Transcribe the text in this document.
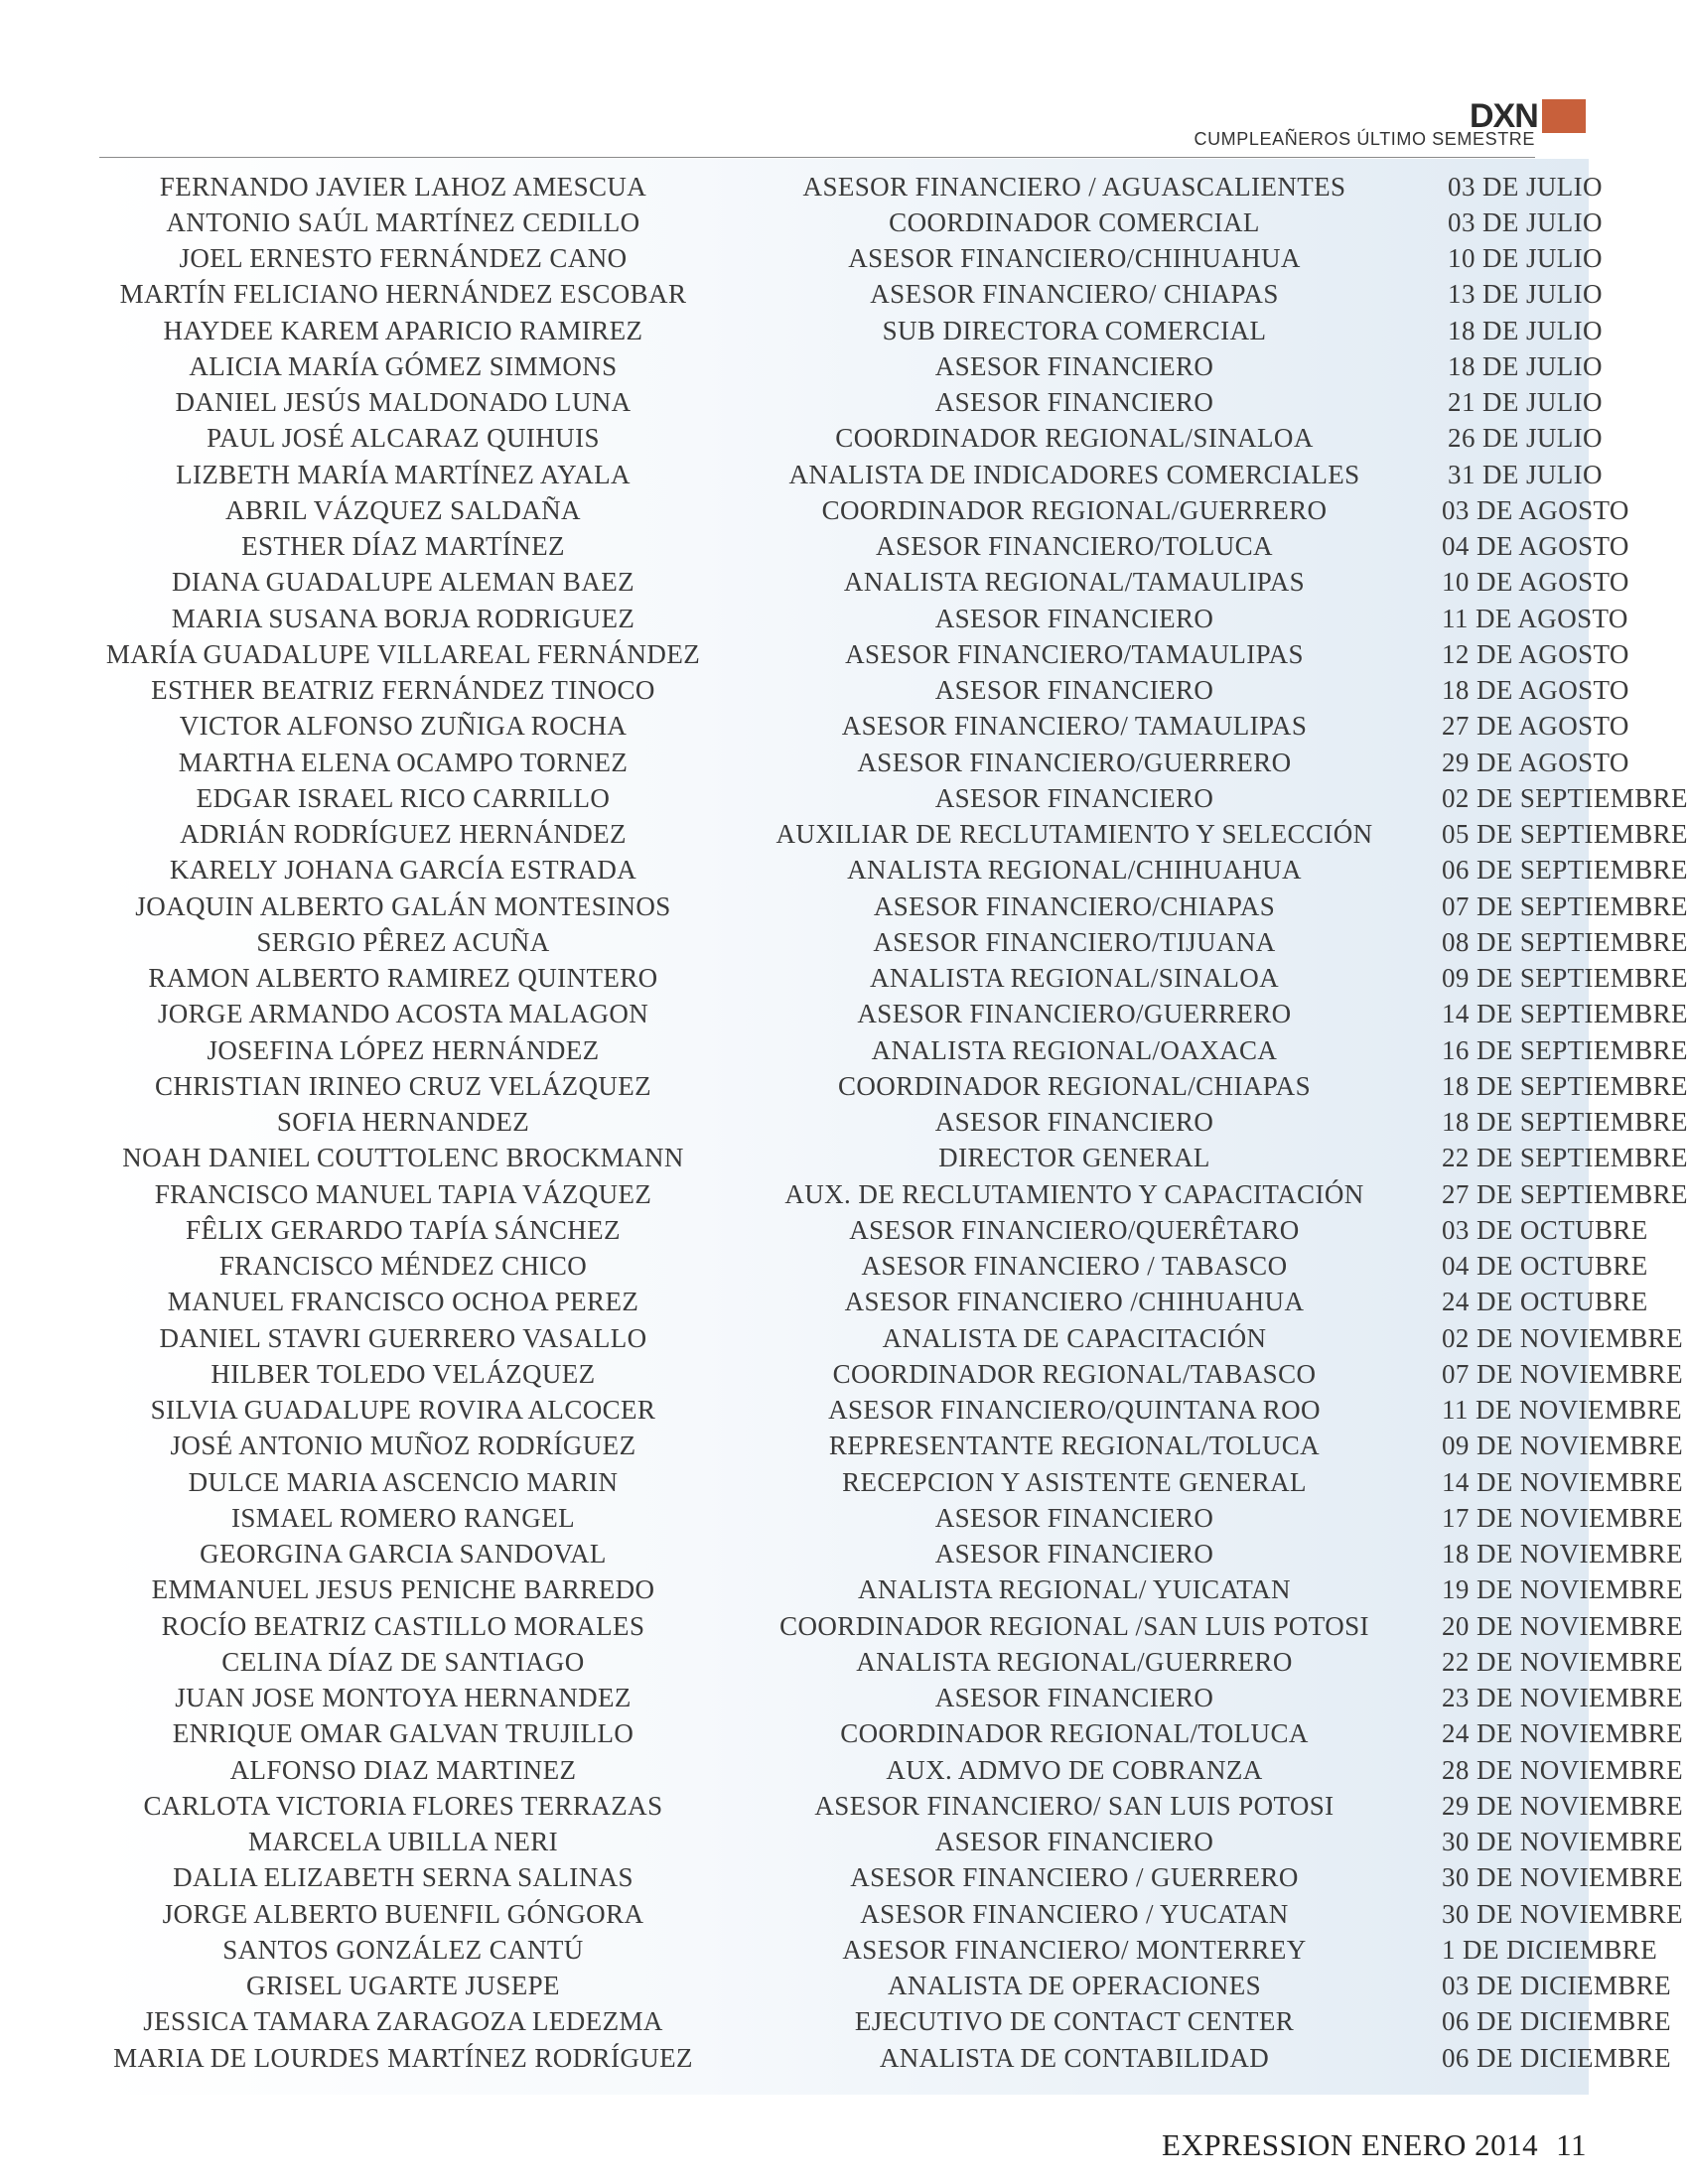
DXN
CUMPLEAÑEROS ÚLTIMO SEMESTRE
FERNANDO JAVIER LAHOZ AMESCUA	ASESOR FINANCIERO / AGUASCALIENTES	03 DE JULIO
ANTONIO SAÚL MARTÍNEZ CEDILLO	COORDINADOR COMERCIAL	03 DE JULIO
JOEL ERNESTO FERNÁNDEZ CANO	ASESOR FINANCIERO/CHIHUAHUA	10 DE JULIO
MARTÍN FELICIANO HERNÁNDEZ ESCOBAR	ASESOR FINANCIERO/ CHIAPAS	13 DE JULIO
HAYDEE KAREM APARICIO RAMIREZ	SUB DIRECTORA COMERCIAL	18 DE JULIO
ALICIA MARÍA GÓMEZ SIMMONS	ASESOR FINANCIERO	18 DE JULIO
DANIEL JESÚS MALDONADO LUNA	ASESOR FINANCIERO	21 DE JULIO
PAUL JOSÉ ALCARAZ QUIHUIS	COORDINADOR REGIONAL/SINALOA	26 DE JULIO
LIZBETH MARÍA MARTÍNEZ AYALA	ANALISTA DE INDICADORES COMERCIALES	31 DE JULIO
ABRIL VÁZQUEZ SALDAÑA	COORDINADOR REGIONAL/GUERRERO	03 DE AGOSTO
ESTHER DÍAZ MARTÍNEZ	ASESOR FINANCIERO/TOLUCA	04 DE AGOSTO
DIANA GUADALUPE ALEMAN BAEZ	ANALISTA REGIONAL/TAMAULIPAS	10 DE AGOSTO
MARIA SUSANA BORJA RODRIGUEZ	ASESOR FINANCIERO	11 DE AGOSTO
MARÍA GUADALUPE VILLAREAL FERNÁNDEZ	ASESOR FINANCIERO/TAMAULIPAS	12 DE AGOSTO
ESTHER BEATRIZ FERNÁNDEZ TINOCO	ASESOR FINANCIERO	18 DE AGOSTO
VICTOR ALFONSO ZUÑIGA ROCHA	ASESOR FINANCIERO/ TAMAULIPAS	27 DE AGOSTO
MARTHA ELENA OCAMPO TORNEZ	ASESOR FINANCIERO/GUERRERO	29 DE AGOSTO
EDGAR ISRAEL RICO CARRILLO	ASESOR FINANCIERO	02 DE SEPTIEMBRE
ADRIÁN RODRÍGUEZ HERNÁNDEZ	AUXILIAR DE RECLUTAMIENTO Y SELECCIÓN	05 DE SEPTIEMBRE
KARELY JOHANA GARCÍA ESTRADA	ANALISTA REGIONAL/CHIHUAHUA	06 DE SEPTIEMBRE
JOAQUIN ALBERTO GALÁN MONTESINOS	ASESOR FINANCIERO/CHIAPAS	07 DE SEPTIEMBRE
SERGIO PÊREZ ACUÑA	ASESOR FINANCIERO/TIJUANA	08 DE SEPTIEMBRE
RAMON ALBERTO RAMIREZ QUINTERO	ANALISTA REGIONAL/SINALOA	09 DE SEPTIEMBRE
JORGE ARMANDO ACOSTA MALAGON	ASESOR FINANCIERO/GUERRERO	14 DE SEPTIEMBRE
JOSEFINA LÓPEZ HERNÁNDEZ	ANALISTA REGIONAL/OAXACA	16 DE SEPTIEMBRE
CHRISTIAN IRINEO CRUZ VELÁZQUEZ	COORDINADOR REGIONAL/CHIAPAS	18 DE SEPTIEMBRE
SOFIA HERNANDEZ	ASESOR FINANCIERO	18 DE SEPTIEMBRE
NOAH DANIEL COUTTOLENC BROCKMANN	DIRECTOR GENERAL	22 DE SEPTIEMBRE
FRANCISCO MANUEL TAPIA VÁZQUEZ	AUX. DE RECLUTAMIENTO Y CAPACITACIÓN	27 DE SEPTIEMBRE
FÊLIX GERARDO TAPÍA SÁNCHEZ	ASESOR FINANCIERO/QUERÊTARO	03 DE OCTUBRE
FRANCISCO MÉNDEZ CHICO	ASESOR FINANCIERO / TABASCO	04 DE OCTUBRE
MANUEL FRANCISCO OCHOA PEREZ	ASESOR FINANCIERO /CHIHUAHUA	24 DE OCTUBRE
DANIEL STAVRI GUERRERO VASALLO	ANALISTA DE CAPACITACIÓN	02 DE NOVIEMBRE
HILBER TOLEDO VELÁZQUEZ	COORDINADOR REGIONAL/TABASCO	07 DE NOVIEMBRE
SILVIA GUADALUPE ROVIRA ALCOCER	ASESOR FINANCIERO/QUINTANA ROO	11 DE NOVIEMBRE
JOSÉ ANTONIO MUÑOZ RODRÍGUEZ	REPRESENTANTE REGIONAL/TOLUCA	09 DE NOVIEMBRE
DULCE MARIA ASCENCIO MARIN	RECEPCION Y ASISTENTE GENERAL	14 DE NOVIEMBRE
ISMAEL ROMERO RANGEL	ASESOR FINANCIERO	17 DE NOVIEMBRE
GEORGINA GARCIA SANDOVAL	ASESOR FINANCIERO	18 DE NOVIEMBRE
EMMANUEL JESUS PENICHE BARREDO	ANALISTA REGIONAL/ YUICATAN	19 DE NOVIEMBRE
ROCÍO BEATRIZ CASTILLO MORALES	COORDINADOR REGIONAL /SAN LUIS POTOSI	20 DE NOVIEMBRE
CELINA DÍAZ DE SANTIAGO	ANALISTA REGIONAL/GUERRERO	22 DE NOVIEMBRE
JUAN JOSE MONTOYA HERNANDEZ	ASESOR FINANCIERO	23 DE NOVIEMBRE
ENRIQUE OMAR GALVAN TRUJILLO	COORDINADOR REGIONAL/TOLUCA	24 DE NOVIEMBRE
ALFONSO DIAZ MARTINEZ	AUX. ADMVO DE COBRANZA	28 DE NOVIEMBRE
CARLOTA VICTORIA FLORES TERRAZAS	ASESOR FINANCIERO/ SAN LUIS POTOSI	29 DE NOVIEMBRE
MARCELA UBILLA NERI	ASESOR FINANCIERO	30 DE NOVIEMBRE
DALIA ELIZABETH SERNA SALINAS	ASESOR FINANCIERO / GUERRERO	30 DE NOVIEMBRE
JORGE ALBERTO BUENFIL GÓNGORA	ASESOR FINANCIERO / YUCATAN	30 DE NOVIEMBRE
SANTOS GONZÁLEZ CANTÚ	ASESOR FINANCIERO/ MONTERREY	1 DE DICIEMBRE
GRISEL UGARTE JUSEPE	ANALISTA DE OPERACIONES	03 DE DICIEMBRE
JESSICA TAMARA ZARAGOZA LEDEZMA	EJECUTIVO DE CONTACT CENTER	06 DE DICIEMBRE
MARIA DE LOURDES MARTÍNEZ RODRÍGUEZ	ANALISTA DE CONTABILIDAD	06 DE DICIEMBRE
EXPRESSION ENERO 2014 11
